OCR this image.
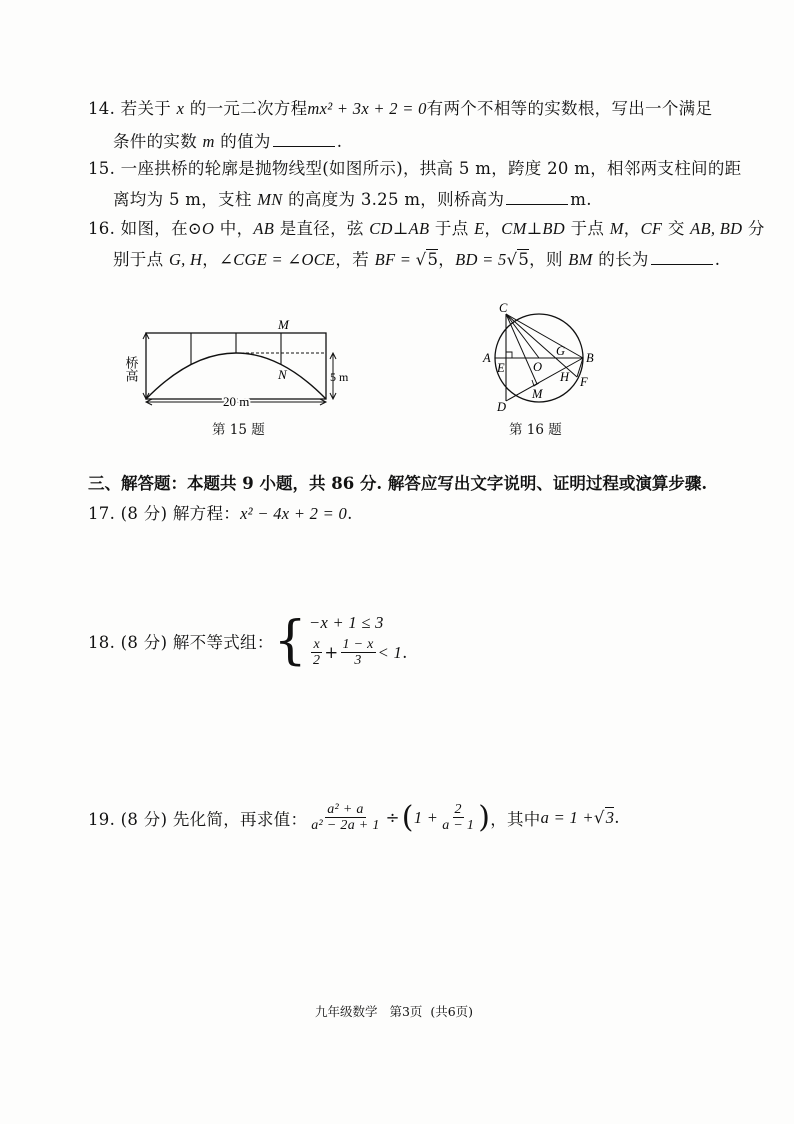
14. 若关于 x 的一元二次方程mx² + 3x + 2 = 0有两个不相等的实数根，写出一个满足
条件的实数 m 的值为	.
15. 一座拱桥的轮廓是抛物线型(如图所示)，拱高 5 m，跨度 20 m，相邻两支柱间的距
离均为 5 m，支柱 MN 的高度为 3.25 m，则桥高为	m.
16. 如图，在⊙O 中，AB 是直径，弦 CD⊥AB 于点 E，CM⊥BD 于点 M，CF 交 AB, BD 分
别于点 G, H，∠CGE = ∠OCE，若 BF = √5，BD = 5√5，则 BM 的长为	.
M
N
桥高	5 m
20 m
第 15 题
C
A
E O
G B
H F
D
M
第 16 题
三、解答题：本题共 9 小题，共 86 分. 解答应写出文字说明、证明过程或演算步骤.
17. (8 分) 解方程：x² − 4x + 2 = 0.
18. (8 分) 解不等式组： { −x + 1 ≤ 3
$\frac{x}{2} + \frac{1 - x}{3} < 1$ .
19. (8 分) 先化简，再求值： $\frac{\text{a² + a}}{\text{a² − 2a + 1}}$ ÷ ( $1 + \frac{2}{a - 1}$ ) ，其中 a = 1 + √ 3 .
九年级数学 第3页 (共6页)
